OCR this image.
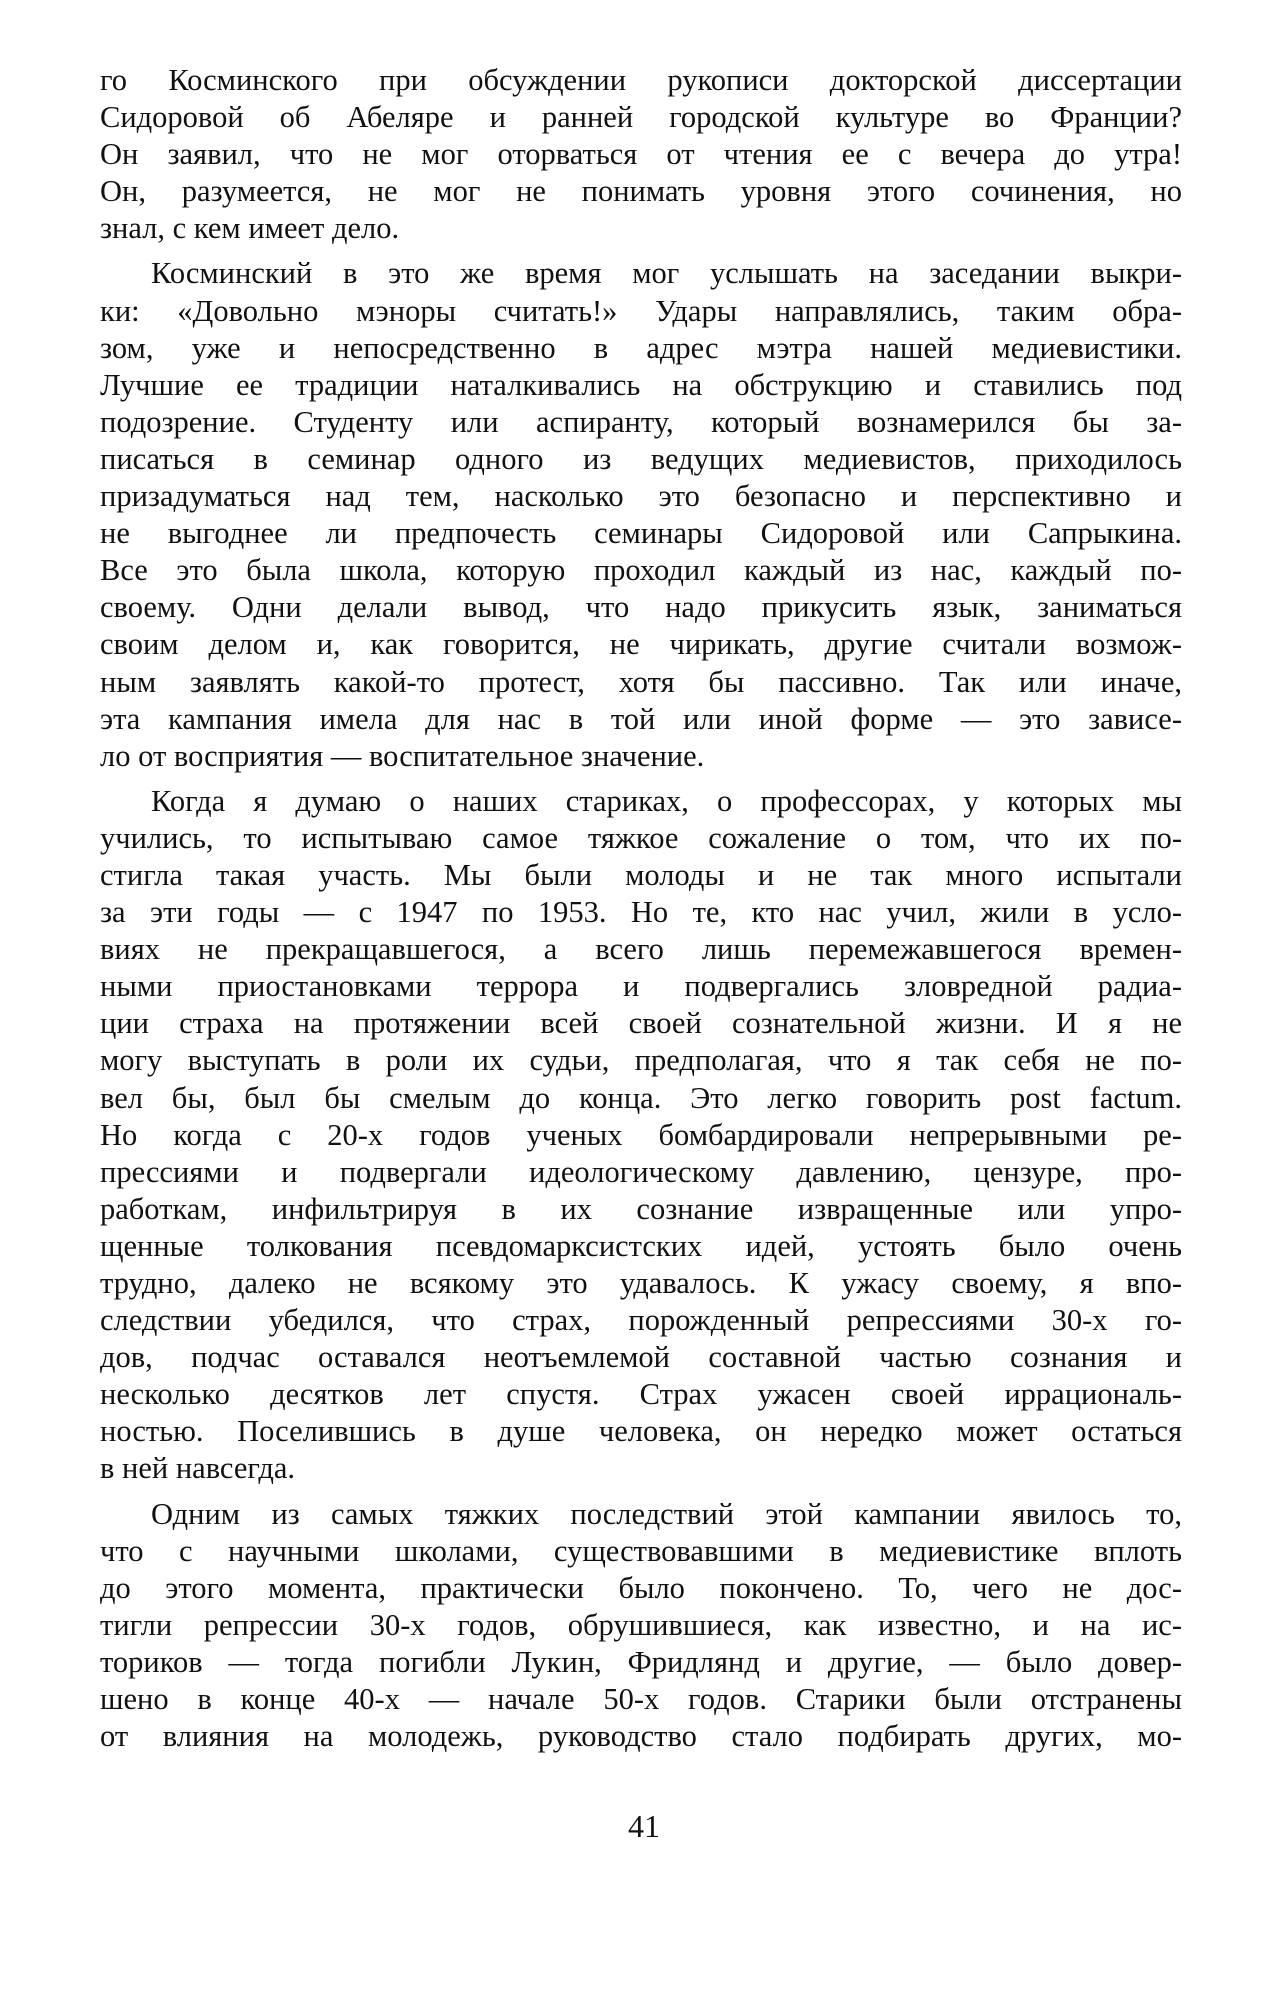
го Косминского при обсуждении рукописи докторской диссертации
Сидоровой об Абеляре и ранней городской культуре во Франции?
Он заявил, что не мог оторваться от чтения ее с вечера до утра!
Он, разумеется, не мог не понимать уровня этого сочинения, но
знал, с кем имеет дело.
Косминский в это же время мог услышать на заседании выкри-
ки: «Довольно мэноры считать!» Удары направлялись, таким обра-
зом, уже и непосредственно в адрес мэтра нашей медиевистики.
Лучшие ее традиции наталкивались на обструкцию и ставились под
подозрение. Студенту или аспиранту, который вознамерился бы за-
писаться в семинар одного из ведущих медиевистов, приходилось
призадуматься над тем, насколько это безопасно и перспективно и
не выгоднее ли предпочесть семинары Сидоровой или Сапрыкина.
Все это была школа, которую проходил каждый из нас, каждый по-
своему. Одни делали вывод, что надо прикусить язык, заниматься
своим делом и, как говорится, не чирикать, другие считали возмож-
ным заявлять какой-то протест, хотя бы пассивно. Так или иначе,
эта кампания имела для нас в той или иной форме — это зависе-
ло от восприятия — воспитательное значение.
Когда я думаю о наших стариках, о профессорах, у которых мы
учились, то испытываю самое тяжкое сожаление о том, что их по-
стигла такая участь. Мы были молоды и не так много испытали
за эти годы — с 1947 по 1953. Но те, кто нас учил, жили в усло-
виях не прекращавшегося, а всего лишь перемежавшегося времен-
ными приостановками террора и подвергались зловредной радиа-
ции страха на протяжении всей своей сознательной жизни. И я не
могу выступать в роли их судьи, предполагая, что я так себя не по-
вел бы, был бы смелым до конца. Это легко говорить post factum.
Но когда с 20-х годов ученых бомбардировали непрерывными ре-
прессиями и подвергали идеологическому давлению, цензуре, про-
работкам, инфильтрируя в их сознание извращенные или упро-
щенные толкования псевдомарксистских идей, устоять было очень
трудно, далеко не всякому это удавалось. К ужасу своему, я впо-
следствии убедился, что страх, порожденный репрессиями 30-х го-
дов, подчас оставался неотъемлемой составной частью сознания и
несколько десятков лет спустя. Страх ужасен своей иррациональ-
ностью. Поселившись в душе человека, он нередко может остаться
в ней навсегда.
Одним из самых тяжких последствий этой кампании явилось то,
что с научными школами, существовавшими в медиевистике вплоть
до этого момента, практически было покончено. То, чего не дос-
тигли репрессии 30-х годов, обрушившиеся, как известно, и на ис-
ториков — тогда погибли Лукин, Фридлянд и другие, — было довер-
шено в конце 40-х — начале 50-х годов. Старики были отстранены
от влияния на молодежь, руководство стало подбирать других, мо-
41
